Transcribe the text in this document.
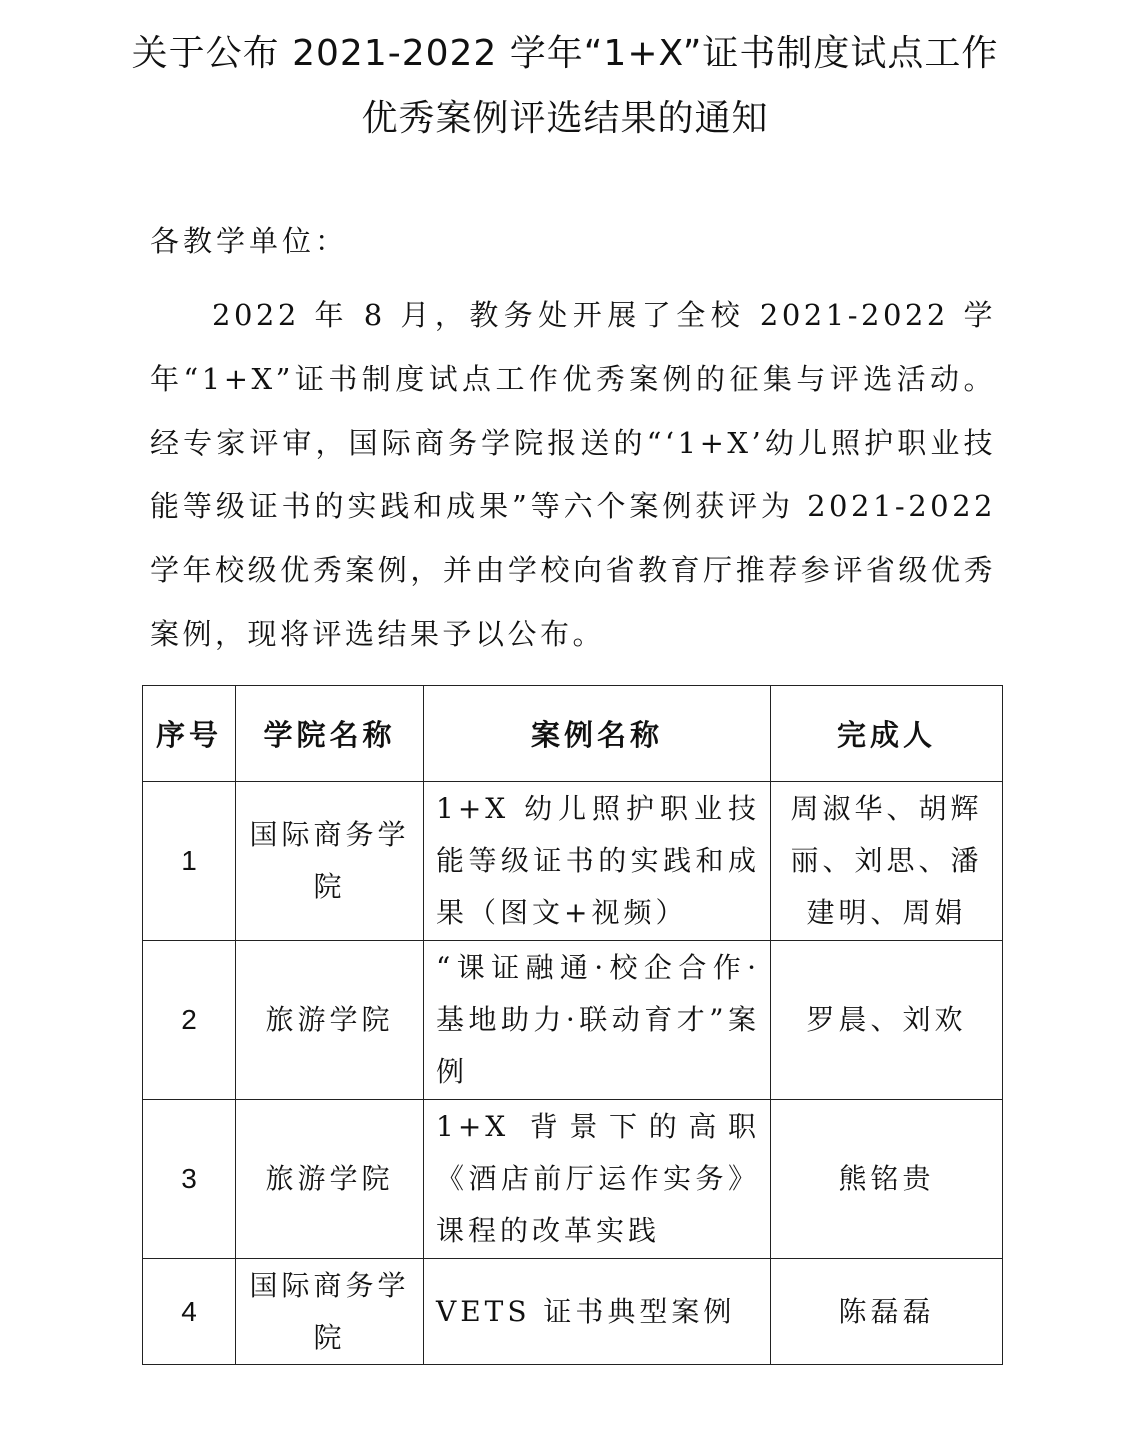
关于公布 2021-2022 学年“1+X”证书制度试点工作
优秀案例评选结果的通知
各教学单位：

2022 年 8 月，教务处开展了全校 2021-2022 学年“1+X”证书制度试点工作优秀案例的征集与评选活动。经专家评审，国际商务学院报送的“‘1+X’幼儿照护职业技能等级证书的实践和成果”等六个案例获评为 2021-2022 学年校级优秀案例，并由学校向省教育厅推荐参评省级优秀案例，现将评选结果予以公布。

序号	学院名称	案例名称	完成人
1	国际商务学院	1+X 幼儿照护职业技能等级证书的实践和成果（图文+视频）	周淑华、胡辉丽、刘思、潘建明、周娟
2	旅游学院	“课证融通·校企合作·基地助力·联动育才”案例	罗晨、刘欢
3	旅游学院	1+X 背景下的高职《酒店前厅运作实务》 课程的改革实践	熊铭贵
4	国际商务学院	VETS 证书典型案例	陈磊磊
